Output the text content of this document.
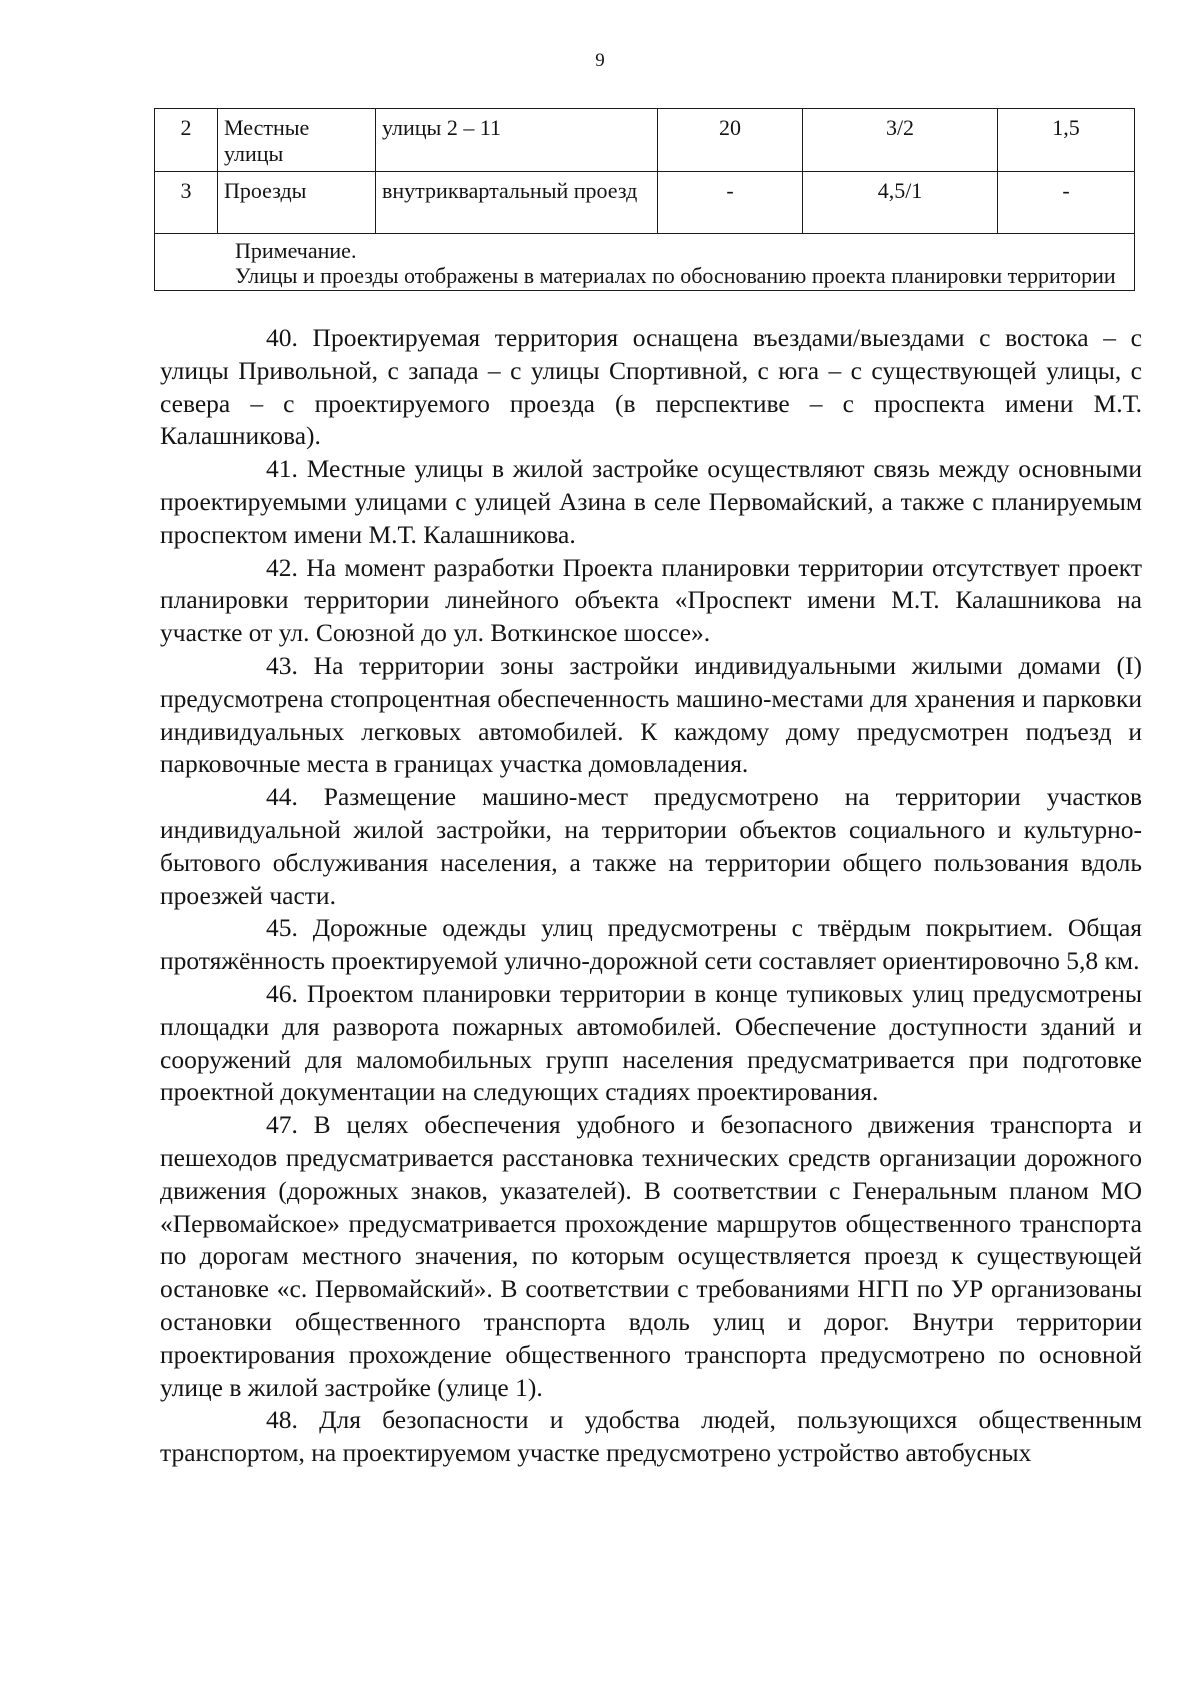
9
2	Местные улицы	улицы 2 – 11	20	3/2	1,5
3	Проезды	внутриквартальный проезд	-	4,5/1	-

Примечание.
Улицы и проезды отображены в материалах по обоснованию проекта планировки территории					

40. Проектируемая территория оснащена въездами/выездами с востока – с улицы Привольной, с запада – с улицы Спортивной, с юга – с существующей улицы, с севера – с проектируемого проезда (в перспективе – с проспекта имени М.Т. Калашникова).

41. Местные улицы в жилой застройке осуществляют связь между основными проектируемыми улицами с улицей Азина в селе Первомайский, а также с планируемым проспектом имени М.Т. Калашникова.

42. На момент разработки Проекта планировки территории отсутствует проект планировки территории линейного объекта «Проспект имени М.Т. Калашникова на участке от ул. Союзной до ул. Воткинское шоссе».

43. На территории зоны застройки индивидуальными жилыми домами (I) предусмотрена стопроцентная обеспеченность машино-местами для хранения и парковки индивидуальных легковых автомобилей. К каждому дому предусмотрен подъезд и парковочные места в границах участка домовладения.

44. Размещение машино-мест предусмотрено на территории участков индивидуальной жилой застройки, на территории объектов социального и культурно-бытового обслуживания населения, а также на территории общего пользования вдоль проезжей части.

45. Дорожные одежды улиц предусмотрены с твёрдым покрытием. Общая протяжённость проектируемой улично-дорожной сети составляет ориентировочно 5,8 км.

46. Проектом планировки территории в конце тупиковых улиц предусмотрены площадки для разворота пожарных автомобилей. Обеспечение доступности зданий и сооружений для маломобильных групп населения предусматривается при подготовке проектной документации на следующих стадиях проектирования.

47. В целях обеспечения удобного и безопасного движения транспорта и пешеходов предусматривается расстановка технических средств организации дорожного движения (дорожных знаков, указателей). В соответствии с Генеральным планом МО «Первомайское» предусматривается прохождение маршрутов общественного транспорта по дорогам местного значения, по которым осуществляется проезд к существующей остановке «с. Первомайский». В соответствии с требованиями НГП по УР организованы остановки общественного транспорта вдоль улиц и дорог. Внутри территории проектирования прохождение общественного транспорта предусмотрено по основной улице в жилой застройке (улице 1).

48. Для безопасности и удобства людей, пользующихся общественным транспортом, на проектируемом участке предусмотрено устройство автобусных
